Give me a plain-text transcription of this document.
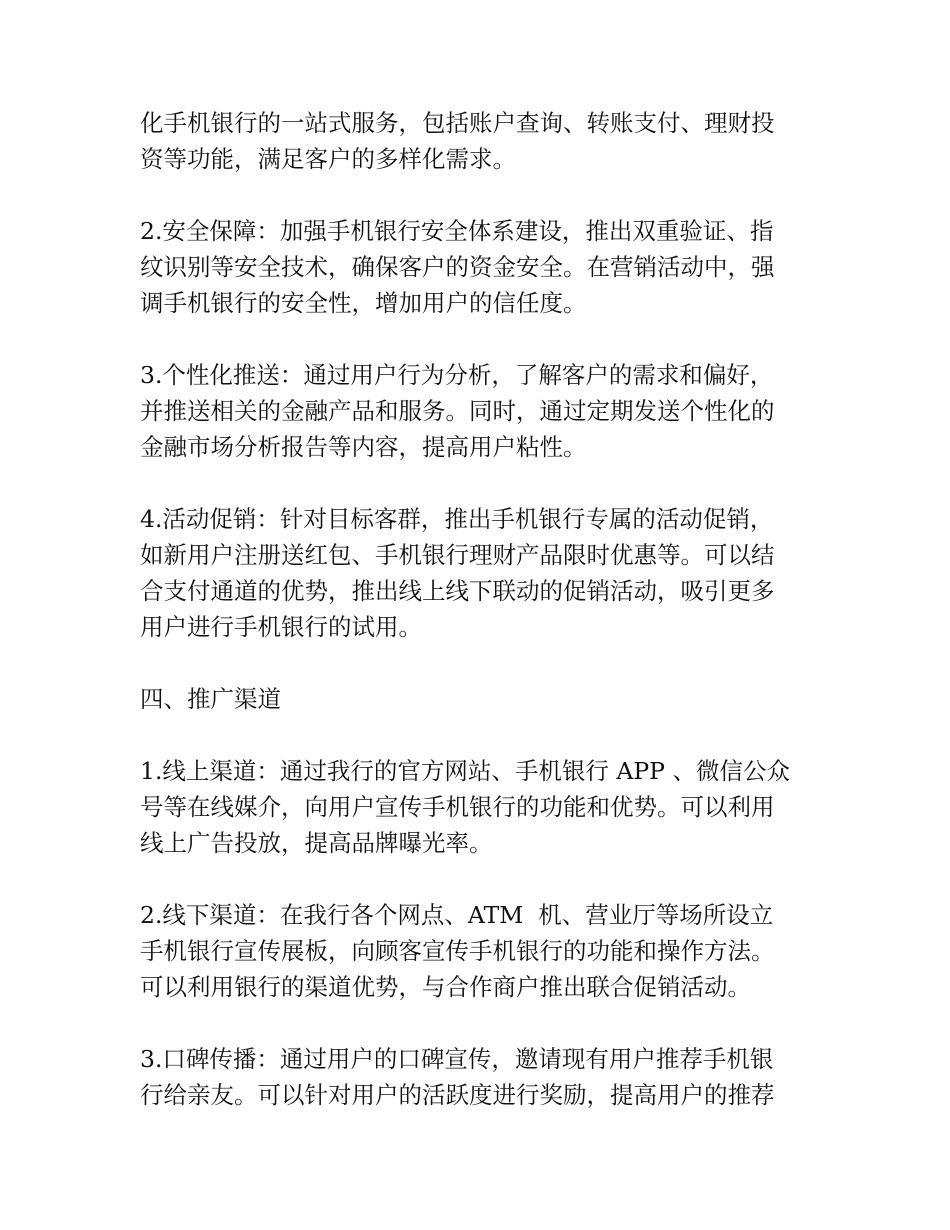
化手机银行的一站式服务，包括账户查询、转账支付、理财投
资等功能，满足客户的多样化需求。
2.安全保障：加强手机银行安全体系建设，推出双重验证、指
纹识别等安全技术，确保客户的资金安全。在营销活动中，强
调手机银行的安全性，增加用户的信任度。
3.个性化推送：通过用户行为分析，了解客户的需求和偏好，
并推送相关的金融产品和服务。同时，通过定期发送个性化的
金融市场分析报告等内容，提高用户粘性。
4.活动促销：针对目标客群，推出手机银行专属的活动促销，
如新用户注册送红包、手机银行理财产品限时优惠等。可以结
合支付通道的优势，推出线上线下联动的促销活动，吸引更多
用户进行手机银行的试用。
四、推广渠道
1.线上渠道：通过我行的官方网站、手机银行 APP 、微信公众
号等在线媒介，向用户宣传手机银行的功能和优势。可以利用
线上广告投放，提高品牌曝光率。
2.线下渠道：在我行各个网点、ATM  机、营业厅等场所设立
手机银行宣传展板，向顾客宣传手机银行的功能和操作方法。
可以利用银行的渠道优势，与合作商户推出联合促销活动。
3.口碑传播：通过用户的口碑宣传，邀请现有用户推荐手机银
行给亲友。可以针对用户的活跃度进行奖励，提高用户的推荐
